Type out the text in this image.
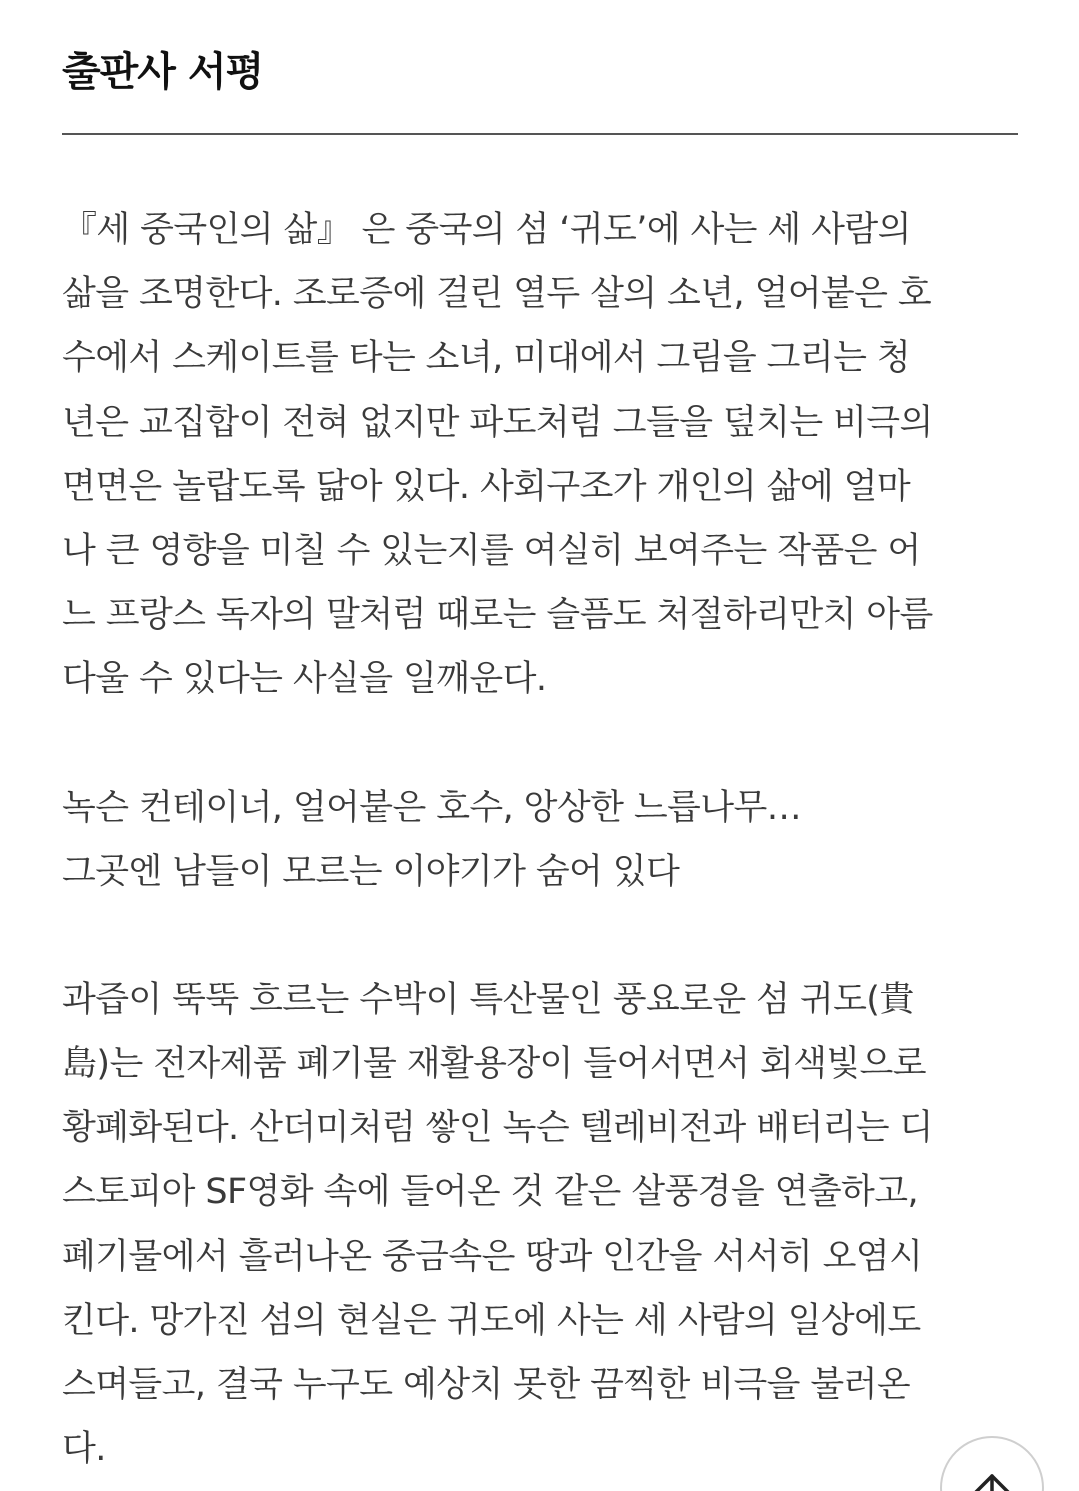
출판사 서평

『세 중국인의 삶』 은 중국의 섬 ‘귀도’에 사는 세 사람의
삶을 조명한다. 조로증에 걸린 열두 살의 소년, 얼어붙은 호
수에서 스케이트를 타는 소녀, 미대에서 그림을 그리는 청
년은 교집합이 전혀 없지만 파도처럼 그들을 덮치는 비극의
면면은 놀랍도록 닮아 있다. 사회구조가 개인의 삶에 얼마
나 큰 영향을 미칠 수 있는지를 여실히 보여주는 작품은 어
느 프랑스 독자의 말처럼 때로는 슬픔도 처절하리만치 아름
다울 수 있다는 사실을 일깨운다.

녹슨 컨테이너, 얼어붙은 호수, 앙상한 느릅나무…
그곳엔 남들이 모르는 이야기가 숨어 있다

과즙이 뚝뚝 흐르는 수박이 특산물인 풍요로운 섬 귀도(貴
島)는 전자제품 폐기물 재활용장이 들어서면서 회색빛으로
황폐화된다. 산더미처럼 쌓인 녹슨 텔레비전과 배터리는 디
스토피아 SF영화 속에 들어온 것 같은 살풍경을 연출하고,
폐기물에서 흘러나온 중금속은 땅과 인간을 서서히 오염시
킨다. 망가진 섬의 현실은 귀도에 사는 세 사람의 일상에도
스며들고, 결국 누구도 예상치 못한 끔찍한 비극을 불러온
다.
